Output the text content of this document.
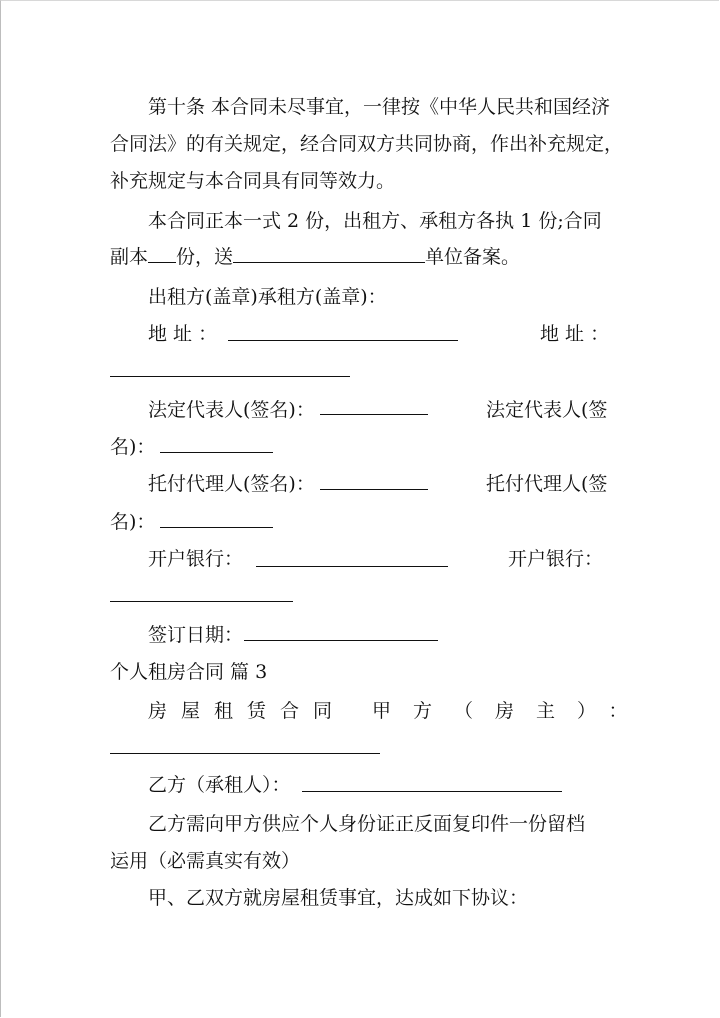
第十条 本合同未尽事宜，一律按《中华人民共和国经济
合同法》的有关规定，经合同双方共同协商，作出补充规定，
补充规定与本合同具有同等效力。
本合同正本一式 2 份，出租方、承租方各执 1 份;合同
副本 份，送	单位备案。
出租方(盖章)承租方(盖章)：
地 址 ：	地 址 ：
法定代表人(签名)：	法定代表人(签
名)：
托付代理人(签名)：	托付代理人(签
名)：
开户银行：	开户银行：
签订日期：
个人租房合同 篇 3
房屋租赁合同 甲方（房主）：
乙方（承租人）：
乙方需向甲方供应个人身份证正反面复印件一份留档
运用（必需真实有效）
甲、乙双方就房屋租赁事宜，达成如下协议：
